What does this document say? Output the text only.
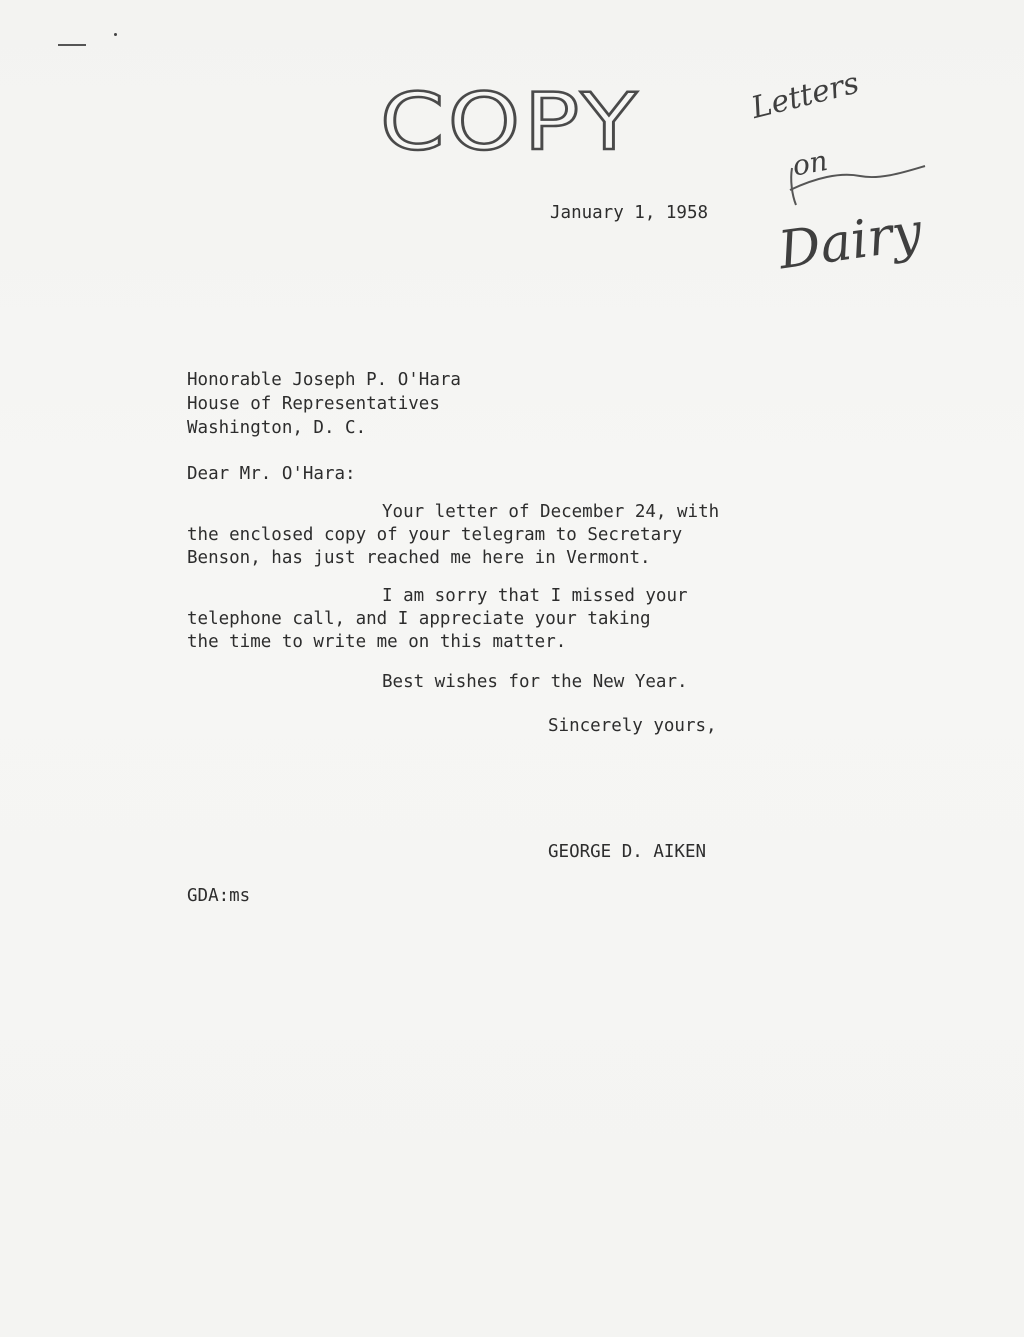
COPY	Letters
on
Dairy
January 1, 1958
Honorable Joseph P. O'Hara
House of Representatives
Washington, D. C.
Dear Mr. O'Hara:
Your letter of December 24, with
the enclosed copy of your telegram to Secretary
Benson, has just reached me here in Vermont.
I am sorry that I missed your
telephone call, and I appreciate your taking
the time to write me on this matter.
Best wishes for the New Year.
Sincerely yours,
GEORGE D. AIKEN
GDA:ms
